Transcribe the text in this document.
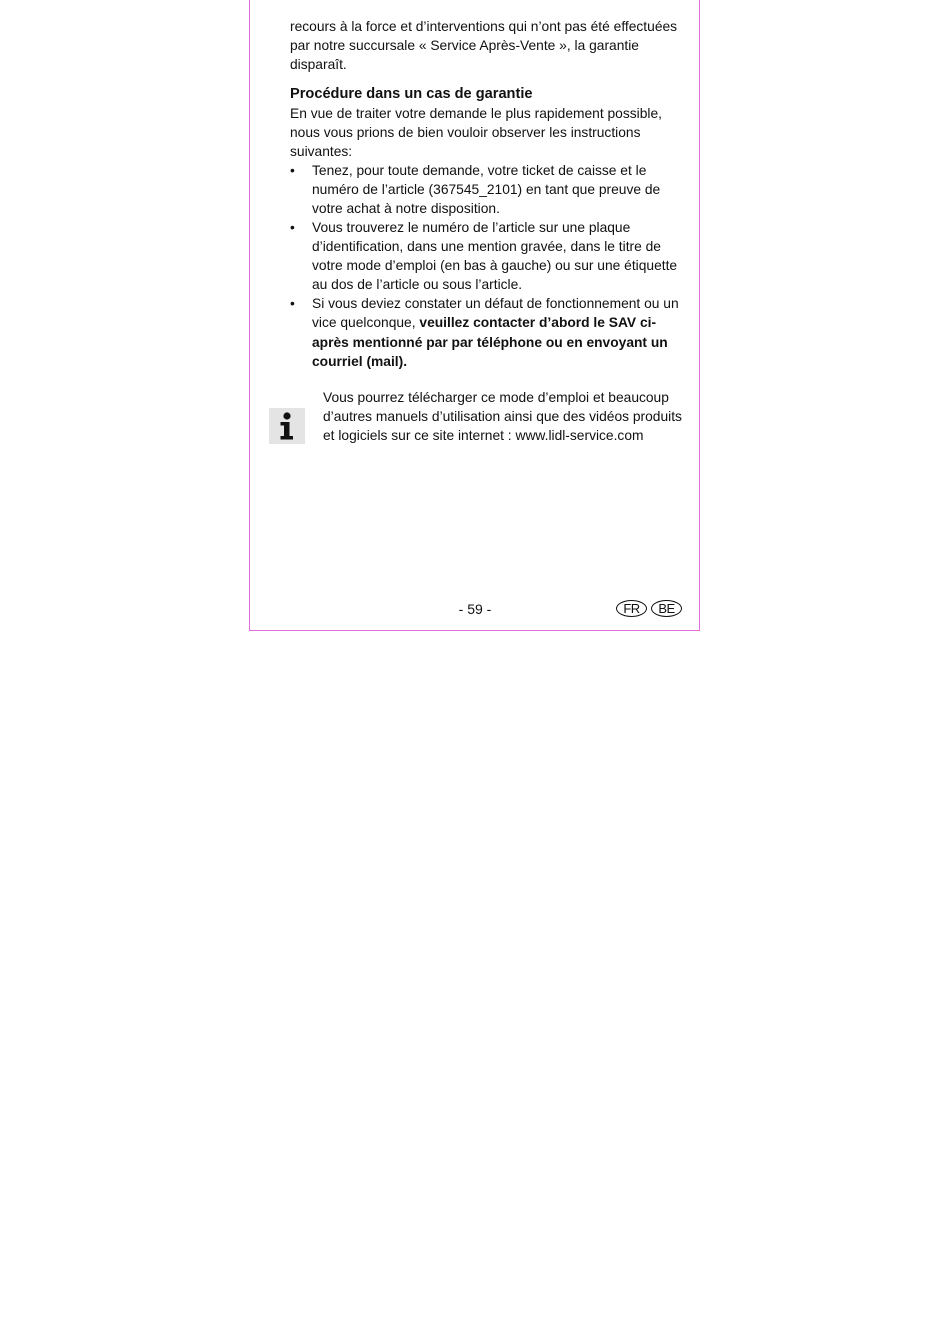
recours à la force et d’interventions qui n’ont pas été effectuées par notre succursale « Service Après-Vente », la garantie disparaît.

Procédure dans un cas de garantie

En vue de traiter votre demande le plus rapidement possible, nous vous prions de bien vouloir observer les instructions suivantes:

• Tenez, pour toute demande, votre ticket de caisse et le numéro de l’article (367545_2101) en tant que preuve de votre achat à notre disposition.
• Vous trouverez le numéro de l’article sur une plaque d’identification, dans une mention gravée, dans le titre de votre mode d’emploi (en bas à gauche) ou sur une étiquette au dos de l’article ou sous l’article.
• Si vous deviez constater un défaut de fonctionnement ou un vice quelconque, veuillez contacter d’abord le SAV ci-après mentionné par par téléphone ou en envoyant un courriel (mail).

Vous pourrez télécharger ce mode d’emploi et beaucoup d’autres manuels d’utilisation ainsi que des vidéos produits et logiciels sur ce site internet : www.lidl-service.com

- 59 -	FR	BE
